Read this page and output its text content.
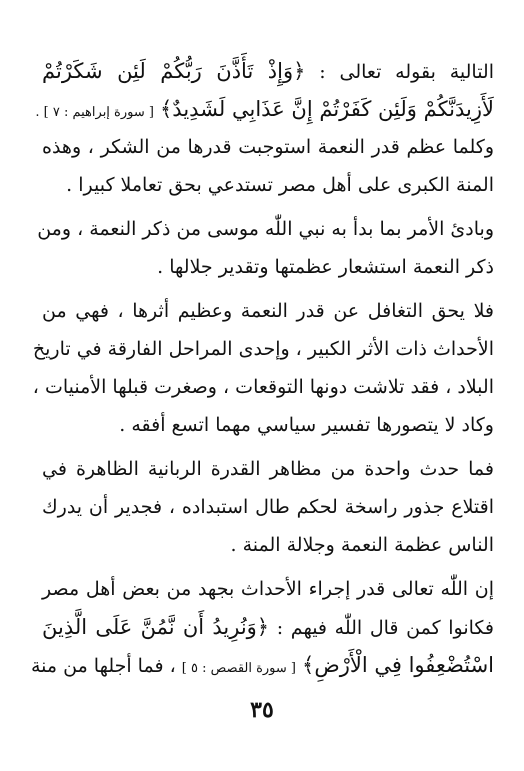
التالية بقوله تعالى : ﴿وَإِذْ تَأَذَّنَ رَبُّكُمْ لَئِن شَكَرْتُمْ
لَأَزِيدَنَّكُمْ وَلَئِن كَفَرْتُمْ إِنَّ عَذَابِي لَشَدِيدٌ﴾ [ سورة إبراهيم : ٧ ] .
وكلما عظم قدر النعمة استوجبت قدرها من الشكر ، وهذه
المنة الكبرى على أهل مصر تستدعي بحق تعاملا كبيرا .
وبادئ الأمر بما بدأ به نبي اللّٰه موسى من ذكر النعمة ، ومن
ذكر النعمة استشعار عظمتها وتقدير جلالها .
فلا يحق التغافل عن قدر النعمة وعظيم أثرها ، فهي من
الأحداث ذات الأثر الكبير ، وإحدى المراحل الفارقة في تاريخ
البلاد ، فقد تلاشت دونها التوقعات ، وصغرت قبلها الأمنيات ،
وكاد لا يتصورها تفسير سياسي مهما اتسع أفقه .
فما حدث واحدة من مظاهر القدرة الربانية الظاهرة في
اقتلاع جذور راسخة لحكم طال استبداده ، فجدير أن يدرك
الناس عظمة النعمة وجلالة المنة .
إن اللّٰه تعالى قدر إجراء الأحداث بجهد من بعض أهل مصر
فكانوا كمن قال اللّٰه فيهم : ﴿وَنُرِيدُ أَن نَّمُنَّ عَلَى الَّذِينَ
اسْتُضْعِفُوا فِي الْأَرْضِ﴾ [ سورة القصص : ٥ ] ، فما أجلها من منة
٣٥
